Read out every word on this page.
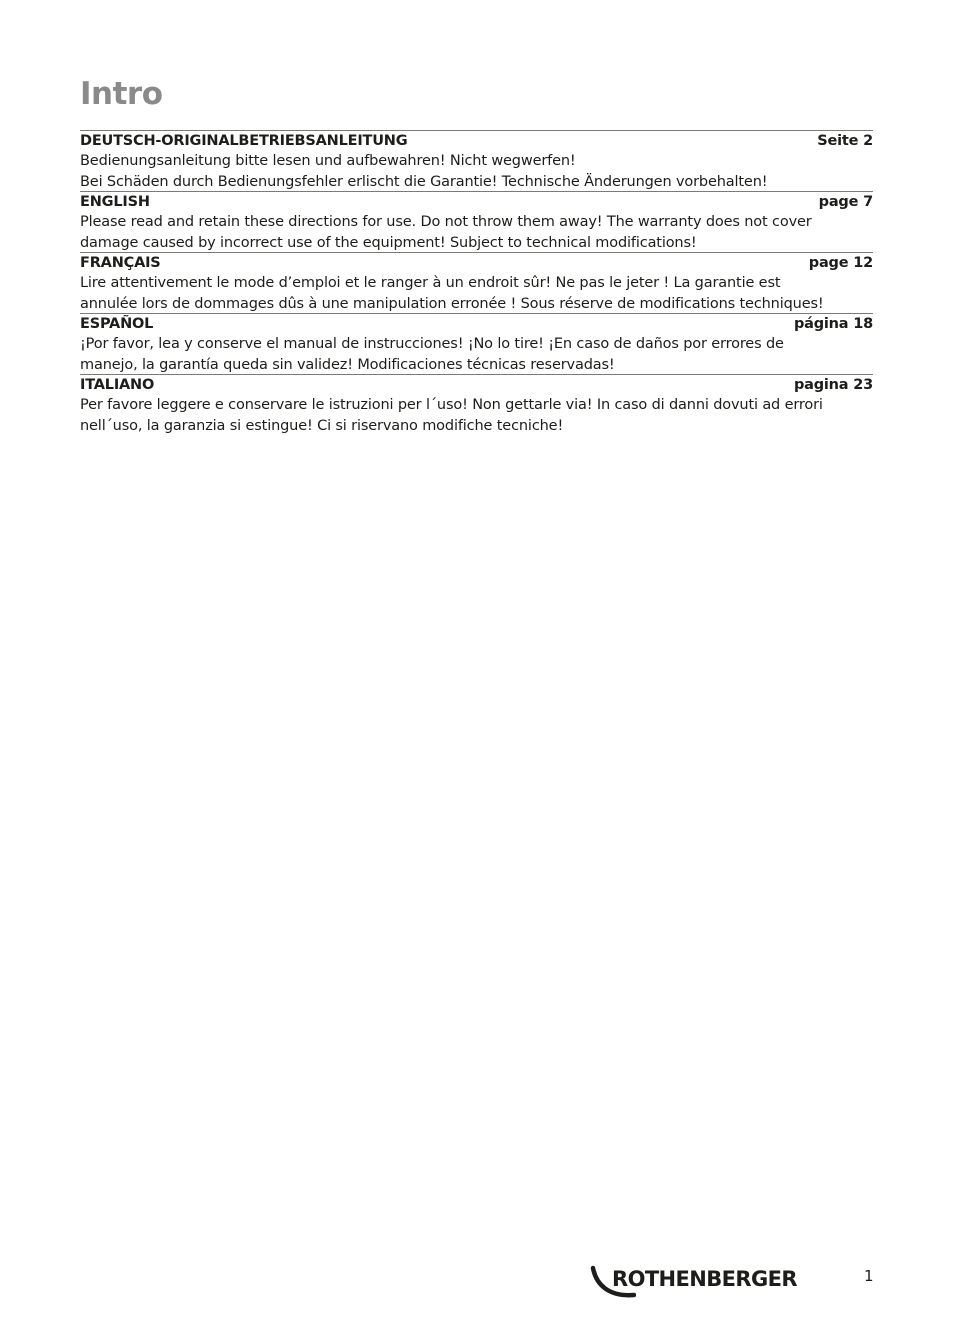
Intro
DEUTSCH-ORIGINALBETRIEBSANLEITUNG	Seite 2
Bedienungsanleitung bitte lesen und aufbewahren! Nicht wegwerfen!
Bei Schäden durch Bedienungsfehler erlischt die Garantie! Technische Änderungen vorbehalten!
ENGLISH	page 7
Please read and retain these directions for use. Do not throw them away! The warranty does not cover
damage caused by incorrect use of the equipment! Subject to technical modifications!
FRANÇAIS	page 12
Lire attentivement le mode d’emploi et le ranger à un endroit sûr! Ne pas le jeter ! La garantie est
annulée lors de dommages dûs à une manipulation erronée ! Sous réserve de modifications techniques!
ESPAÑOL	página 18
¡Por favor, lea y conserve el manual de instrucciones! ¡No lo tire! ¡En caso de daños por errores de
manejo, la garantía queda sin validez! Modificaciones técnicas reservadas!
ITALIANO	pagina 23
Per favore leggere e conservare le istruzioni per l´uso! Non gettarle via! In caso di danni dovuti ad errori
nell´uso, la garanzia si estingue! Ci si riservano modifiche tecniche!
ROTHENBERGER	1
